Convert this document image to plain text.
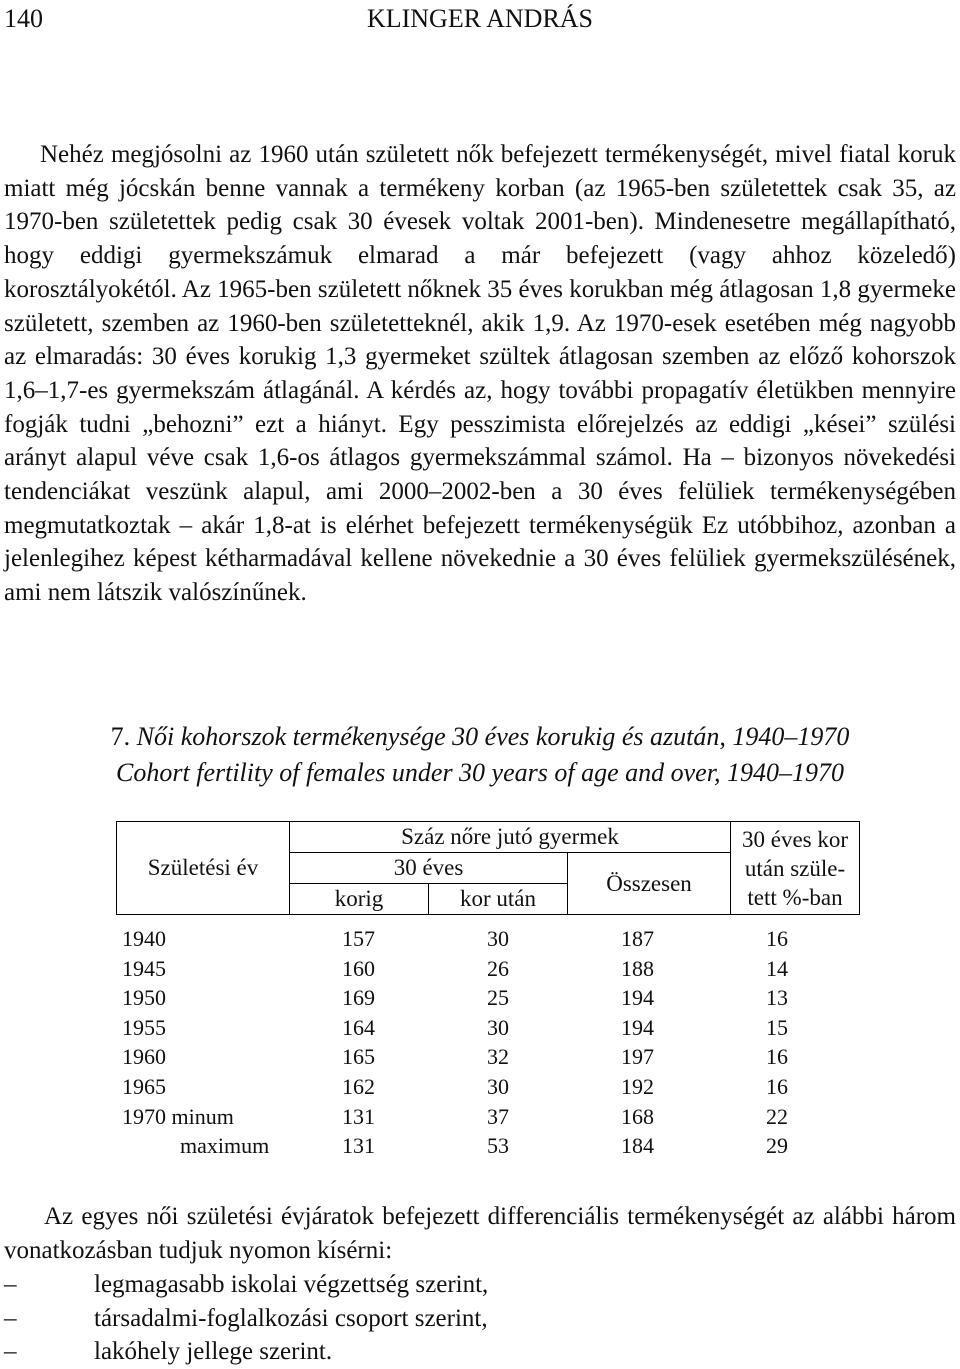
140	KLINGER ANDRÁS

Nehéz megjósolni az 1960 után született nők befejezett termékenységét, mivel fiatal koruk miatt még jócskán benne vannak a termékeny korban (az 1965-ben születettek csak 35, az 1970-ben születettek pedig csak 30 évesek voltak 2001-ben). Mindenesetre megállapítható, hogy eddigi gyermekszámuk elmarad a már befejezett (vagy ahhoz közeledő) korosztályokétól. Az 1965-ben született nőknek 35 éves korukban még átlagosan 1,8 gyermeke született, szemben az 1960-ben születetteknél, akik 1,9. Az 1970-esek esetében még nagyobb az elmaradás: 30 éves korukig 1,3 gyermeket szültek átlagosan szemben az előző kohorszok 1,6–1,7-es gyermekszám átlagánál. A kérdés az, hogy további propagatív életükben mennyire fogják tudni „behozni” ezt a hiányt. Egy pesszimista előrejelzés az eddigi „kései” szülési arányt alapul véve csak 1,6-os átlagos gyermekszámmal számol. Ha – bizonyos növekedési tendenciákat veszünk alapul, ami 2000–2002-ben a 30 éves felüliek termékenységében megmutatkoztak – akár 1,8-at is elérhet befejezett termékenységük Ez utóbbihoz, azonban a jelenlegihez képest kétharmadával kellene növekednie a 30 éves felüliek gyermekszülésének, ami nem látszik valószínűnek.

7. Női kohorszok termékenysége 30 éves korukig és azután, 1940–1970
Cohort fertility of females under 30 years of age and over, 1940–1970
Születési év	Száz nőre jutó gyermek			30 éves kor
után szüle-
tett %-ban

	30 éves		Összesen	
	korig	kor után		
1940	157	30	187	16
1945	160	26	188	14
1950	169	25	194	13
1955	164	30	194	15
1960	165	32	197	16
1965	162	30	192	16
1970 minum	131	37	168	22
maximum	131	53	184	29

Az egyes női születési évjáratok befejezett differenciális termékenységét az alábbi három vonatkozásban tudjuk nyomon kísérni:

–	legmagasabb iskolai végzettség szerint,
–	társadalmi-foglalkozási csoport szerint,
–	lakóhely jellege szerint.
